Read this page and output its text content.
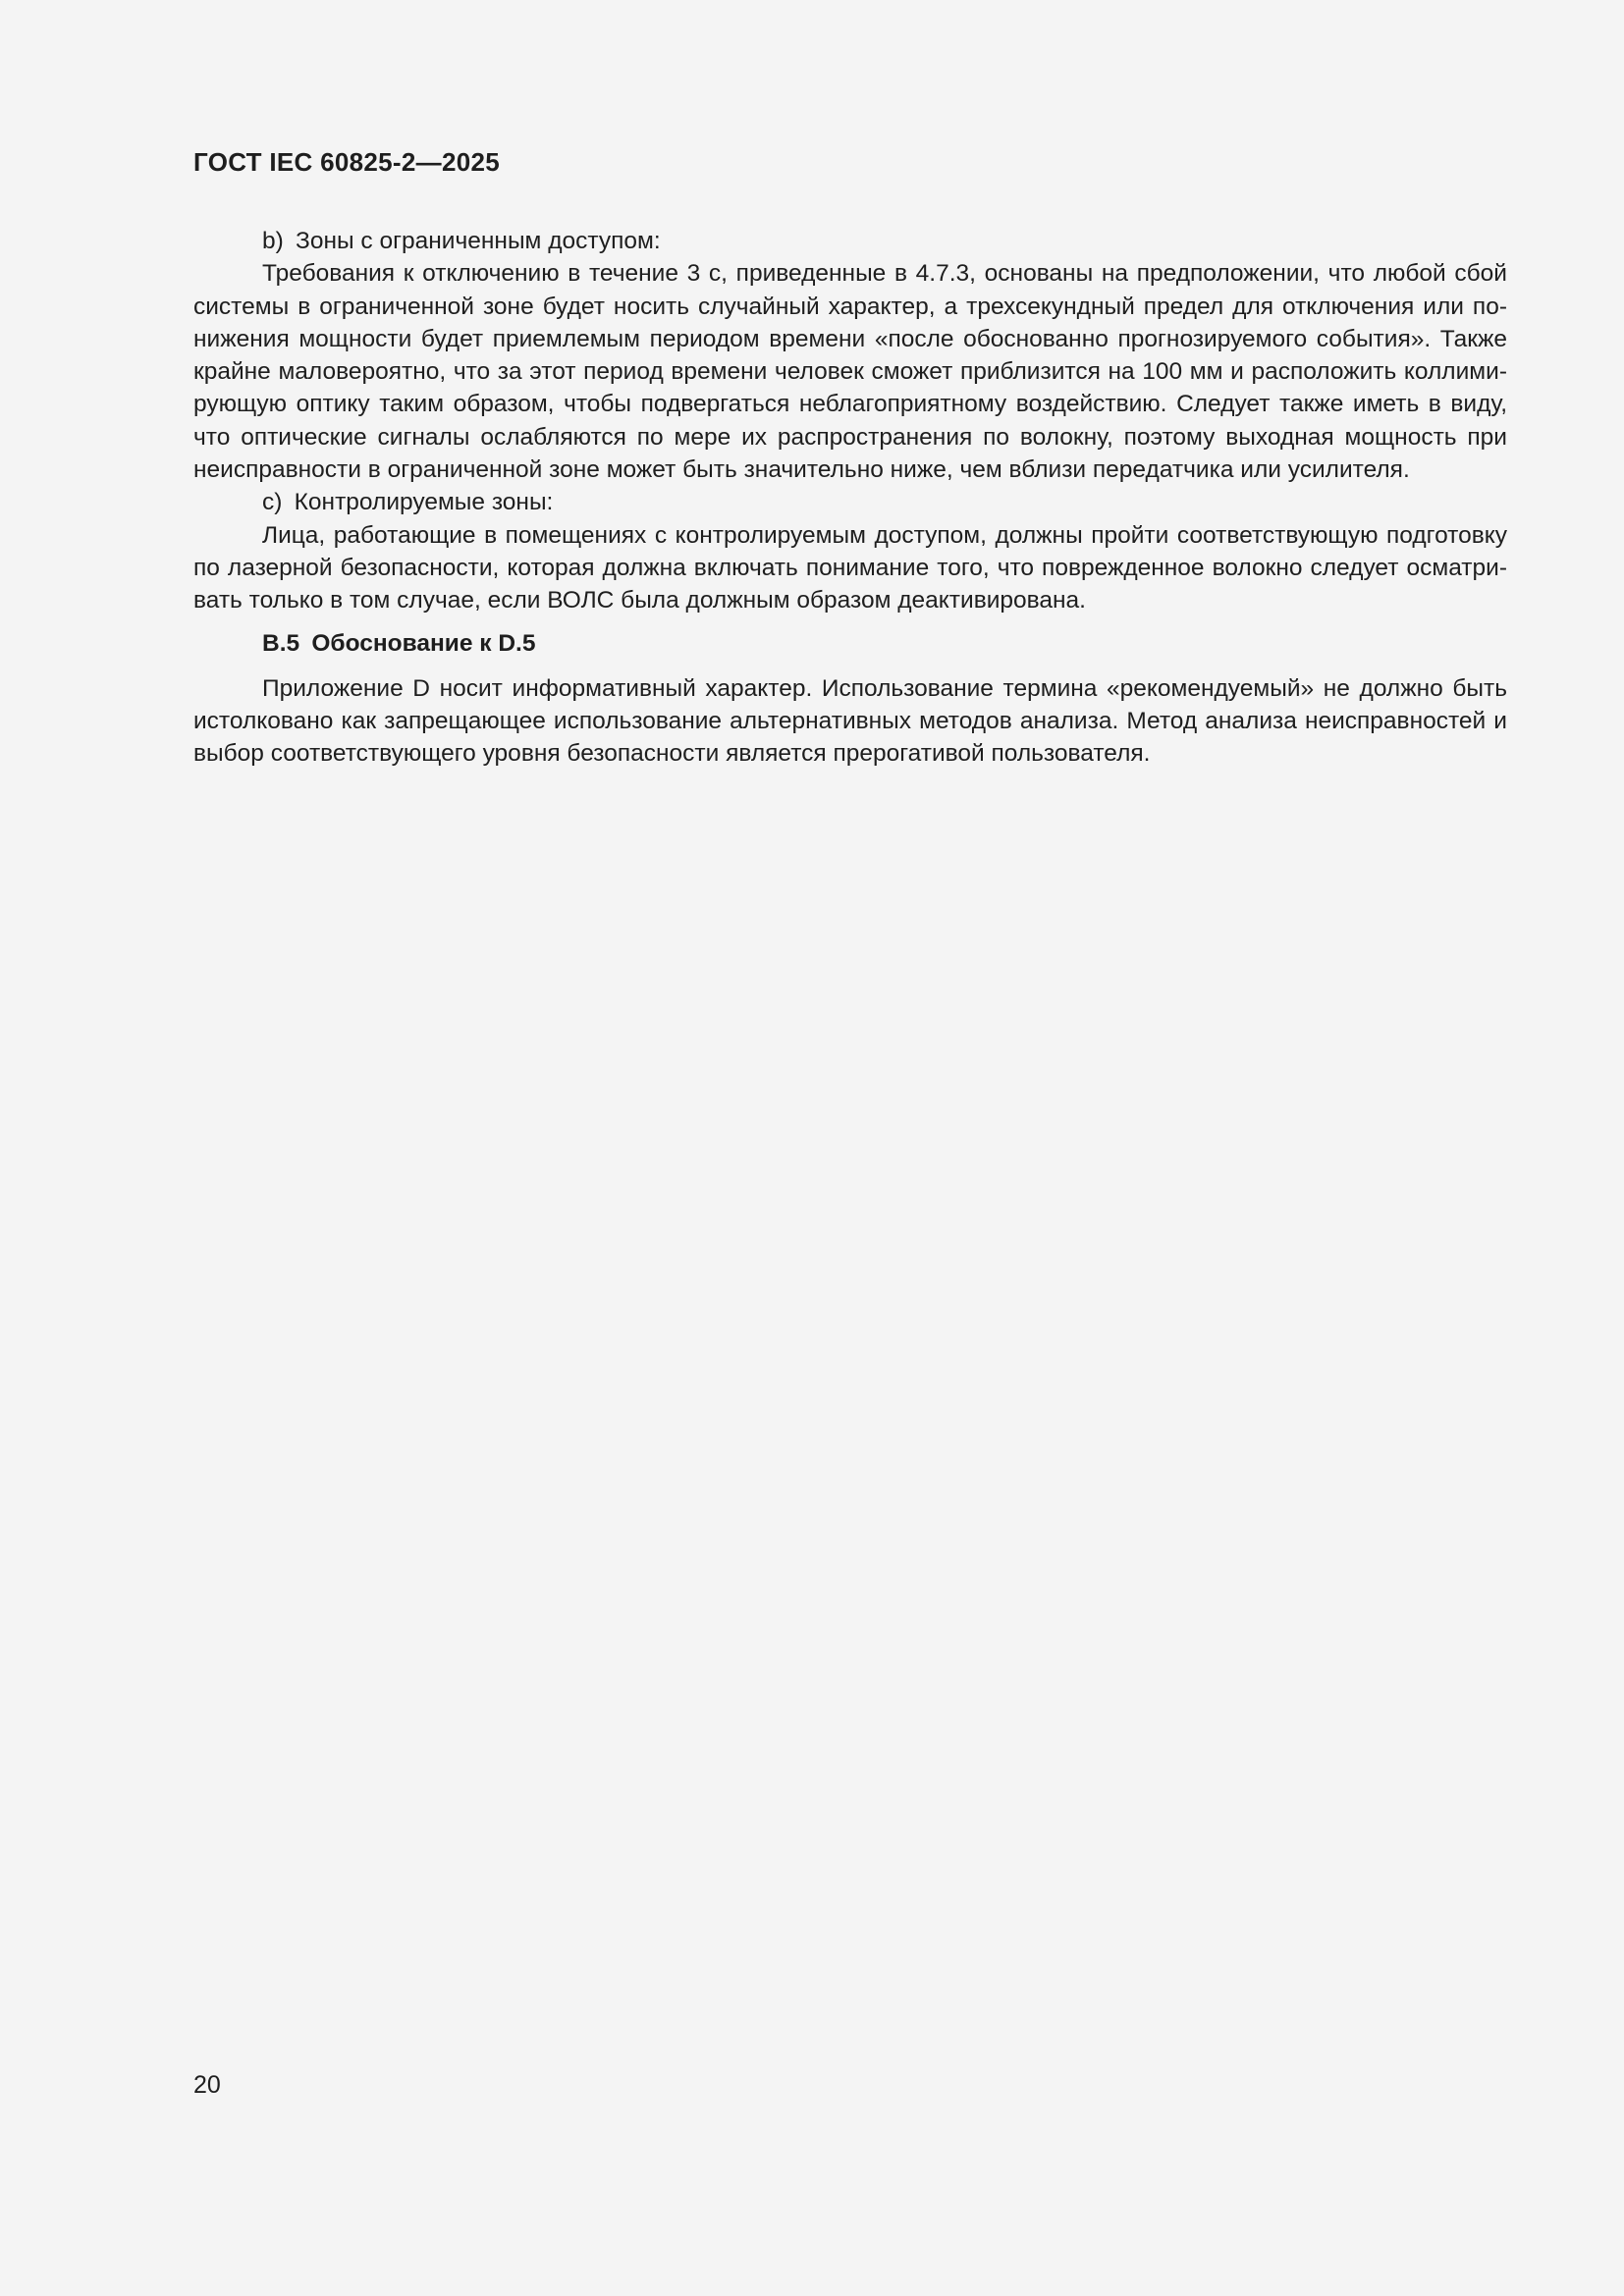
ГОСТ IEC 60825-2—2025

b) Зоны с ограниченным доступом:

Требования к отключению в течение 3 с, приведенные в 4.7.3, основаны на предположении, что любой сбой системы в ограниченной зоне будет носить случайный характер, а трехсекундный предел для отключения или понижения мощности будет приемлемым периодом времени «после обоснованно прогнозируемого события». Также крайне маловероятно, что за этот период времени человек сможет приблизится на 100 мм и расположить коллимирующую оптику таким образом, чтобы подвергаться неблагоприятному воздействию. Следует также иметь в виду, что оптические сигналы ослабляются по мере их распространения по волокну, поэтому выходная мощность при неисправности в ограниченной зоне может быть значительно ниже, чем вблизи передатчика или усилителя.

c) Контролируемые зоны:

Лица, работающие в помещениях с контролируемым доступом, должны пройти соответствующую подготовку по лазерной безопасности, которая должна включать понимание того, что поврежденное волокно следует осматривать только в том случае, если ВОЛС была должным образом деактивирована.

В.5 Обоснование к D.5

Приложение D носит информативный характер. Использование термина «рекомендуемый» не должно быть истолковано как запрещающее использование альтернативных методов анализа. Метод анализа неисправностей и выбор соответствующего уровня безопасности является прерогативой пользователя.

20
